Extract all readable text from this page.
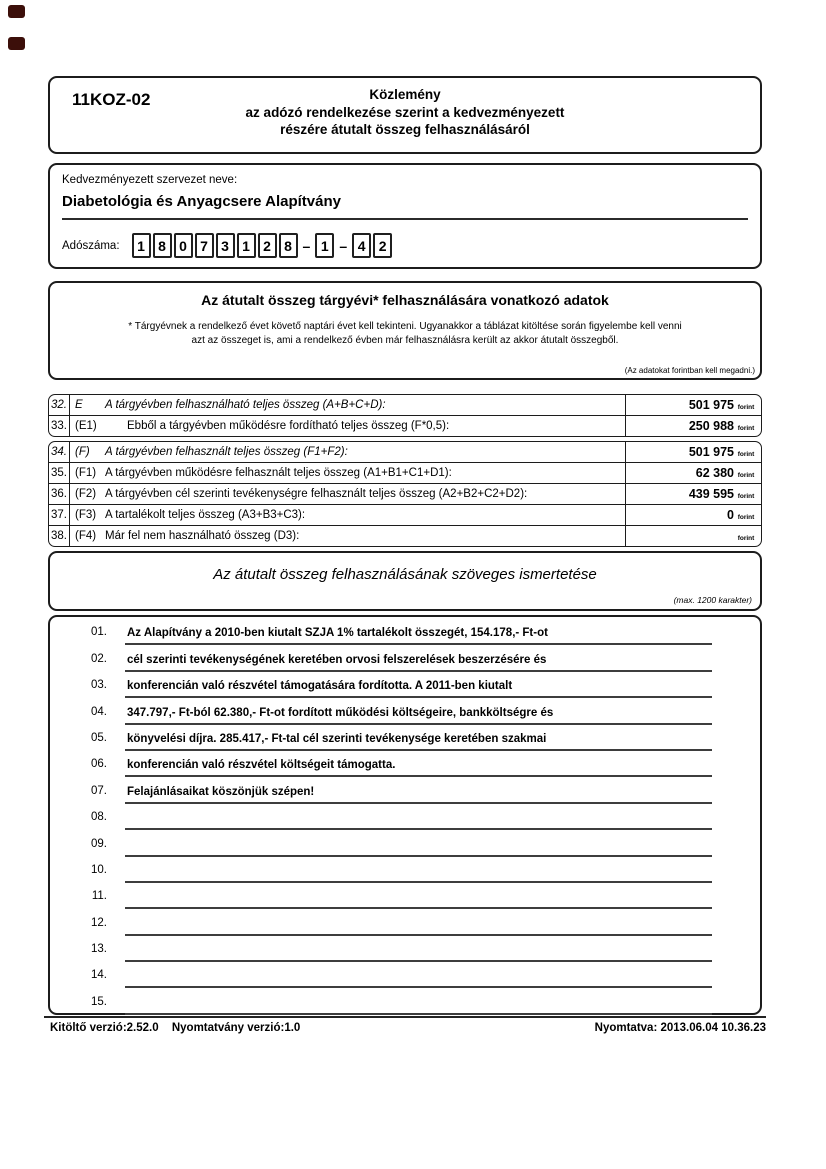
11KOZ-02	Közlemény
az adózó rendelkezése szerint a kedvezményezett
részére átutalt összeg felhasználásáról
Kedvezményezett szervezet neve:
Diabetológia és Anyagcsere Alapítvány
Adószáma:	1 8 0 7 3 1 2 8 – 1 – 4 2
Az átutalt összeg tárgyévi* felhasználására vonatkozó adatok
* Tárgyévnek a rendelkező évet követő naptári évet kell tekinteni. Ugyanakkor a táblázat kitöltése során figyelembe kell venni
azt az összeget is, ami a rendelkező évben már felhasználásra került az akkor átutalt összegből.
(Az adatokat forintban kell megadni.)
32. E	A tárgyévben felhasználható teljes összeg (A+B+C+D):	501 975 forint
33. (E1)	Ebből a tárgyévben működésre fordítható teljes összeg (F*0,5):	250 988 forint
34. (F)	A tárgyévben felhasznált teljes összeg (F1+F2):	501 975 forint
35. (F1) A tárgyévben működésre felhasznált teljes összeg (A1+B1+C1+D1):	62 380 forint
36. (F2) A tárgyévben cél szerinti tevékenységre felhasznált teljes összeg (A2+B2+C2+D2):	439 595 forint
37. (F3) A tartalékolt teljes összeg (A3+B3+C3):	0 forint
38. (F4) Már fel nem használható összeg (D3):	forint
Az átutalt összeg felhasználásának szöveges ismertetése
(max. 1200 karakter)
01. Az Alapítvány a 2010-ben kiutalt SZJA 1% tartalékolt összegét, 154.178,- Ft-ot
02. cél szerinti tevékenységének keretében orvosi felszerelések beszerzésére és
03. konferencián való részvétel támogatására fordította. A 2011-ben kiutalt
04. 347.797,- Ft-ból 62.380,- Ft-ot fordított működési költségeire, bankköltségre és
05. könyvelési díjra. 285.417,- Ft-tal cél szerinti tevékenysége keretében szakmai
06. konferencián való részvétel költségeit támogatta.
07. Felajánlásaikat köszönjük szépen!
08.
09.
10.
11.
12.
13.
14.
15.
Kitöltő verzió:2.52.0 Nyomtatvány verzió:1.0	Nyomtatva: 2013.06.04 10.36.23
